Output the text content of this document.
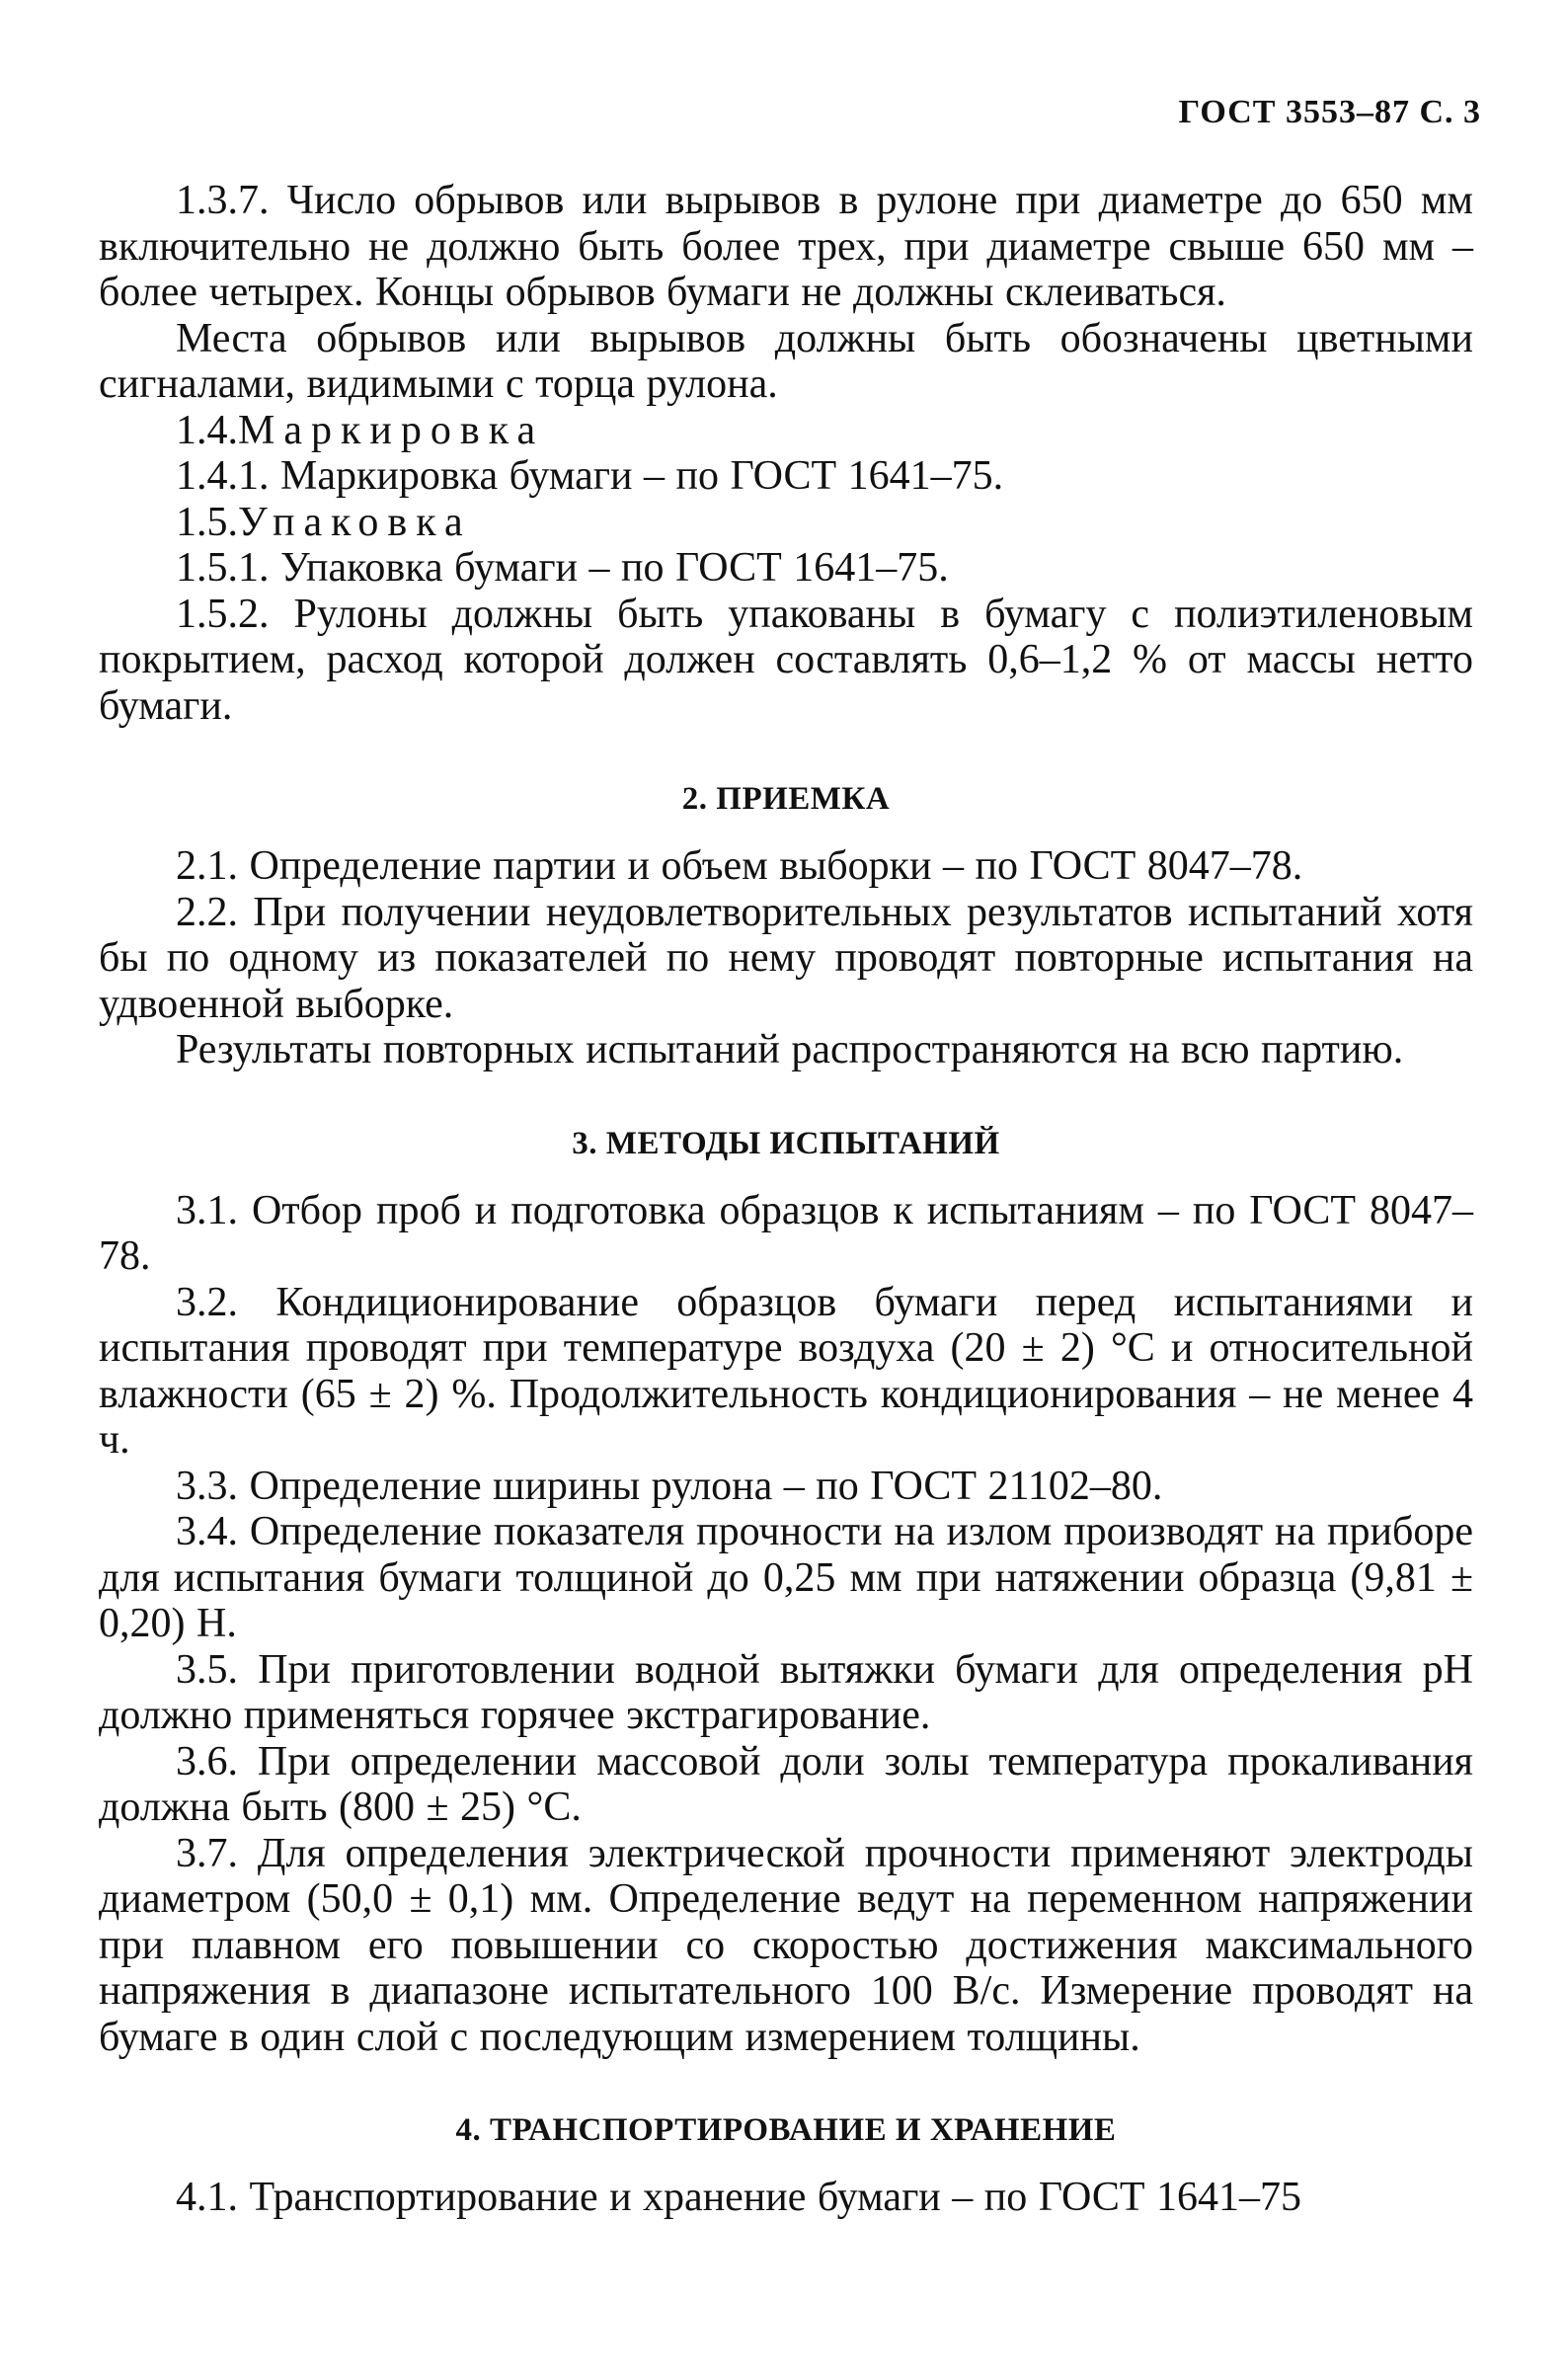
ГОСТ 3553–87 С. 3

1.3.7. Число обрывов или вырывов в рулоне при диаметре до 650 мм включительно не должно быть более трех, при диаметре свыше 650 мм – более четырех. Концы обрывов бумаги не должны склеиваться.

Места обрывов или вырывов должны быть обозначены цветными сигналами, видимыми с торца рулона.

1.4.Маркировка

1.4.1. Маркировка бумаги – по ГОСТ 1641–75.

1.5.Упаковка

1.5.1. Упаковка бумаги – по ГОСТ 1641–75.

1.5.2. Рулоны должны быть упакованы в бумагу с полиэтиленовым покрытием, расход которой должен составлять 0,6–1,2 % от массы нетто бумаги.

2. ПРИЕМКА

2.1. Определение партии и объем выборки – по ГОСТ 8047–78.

2.2. При получении неудовлетворительных результатов испытаний хотя бы по одному из показателей по нему проводят повторные испытания на удвоенной выборке.

Результаты повторных испытаний распространяются на всю партию.

3. МЕТОДЫ ИСПЫТАНИЙ

3.1. Отбор проб и подготовка образцов к испытаниям – по ГОСТ 8047–78.

3.2. Кондиционирование образцов бумаги перед испытаниями и испытания проводят при температуре воздуха (20 ± 2) °С и относительной влажности (65 ± 2) %. Продолжительность кондиционирования – не менее 4 ч.

3.3. Определение ширины рулона – по ГОСТ 21102–80.

3.4. Определение показателя прочности на излом производят на приборе для испытания бумаги толщиной до 0,25 мм при натяжении образца (9,81 ± 0,20) Н.

3.5. При приготовлении водной вытяжки бумаги для определения рН должно применяться горячее экстрагирование.

3.6. При определении массовой доли золы температура прокаливания должна быть (800 ± 25) °С.

3.7. Для определения электрической прочности применяют электроды диаметром (50,0 ± 0,1) мм. Определение ведут на переменном напряжении при плавном его повышении со скоростью достижения максимального напряжения в диапазоне испытательного 100 В/с. Измерение проводят на бумаге в один слой с последующим измерением толщины.

4. ТРАНСПОРТИРОВАНИЕ И ХРАНЕНИЕ

4.1. Транспортирование и хранение бумаги – по ГОСТ 1641–75
